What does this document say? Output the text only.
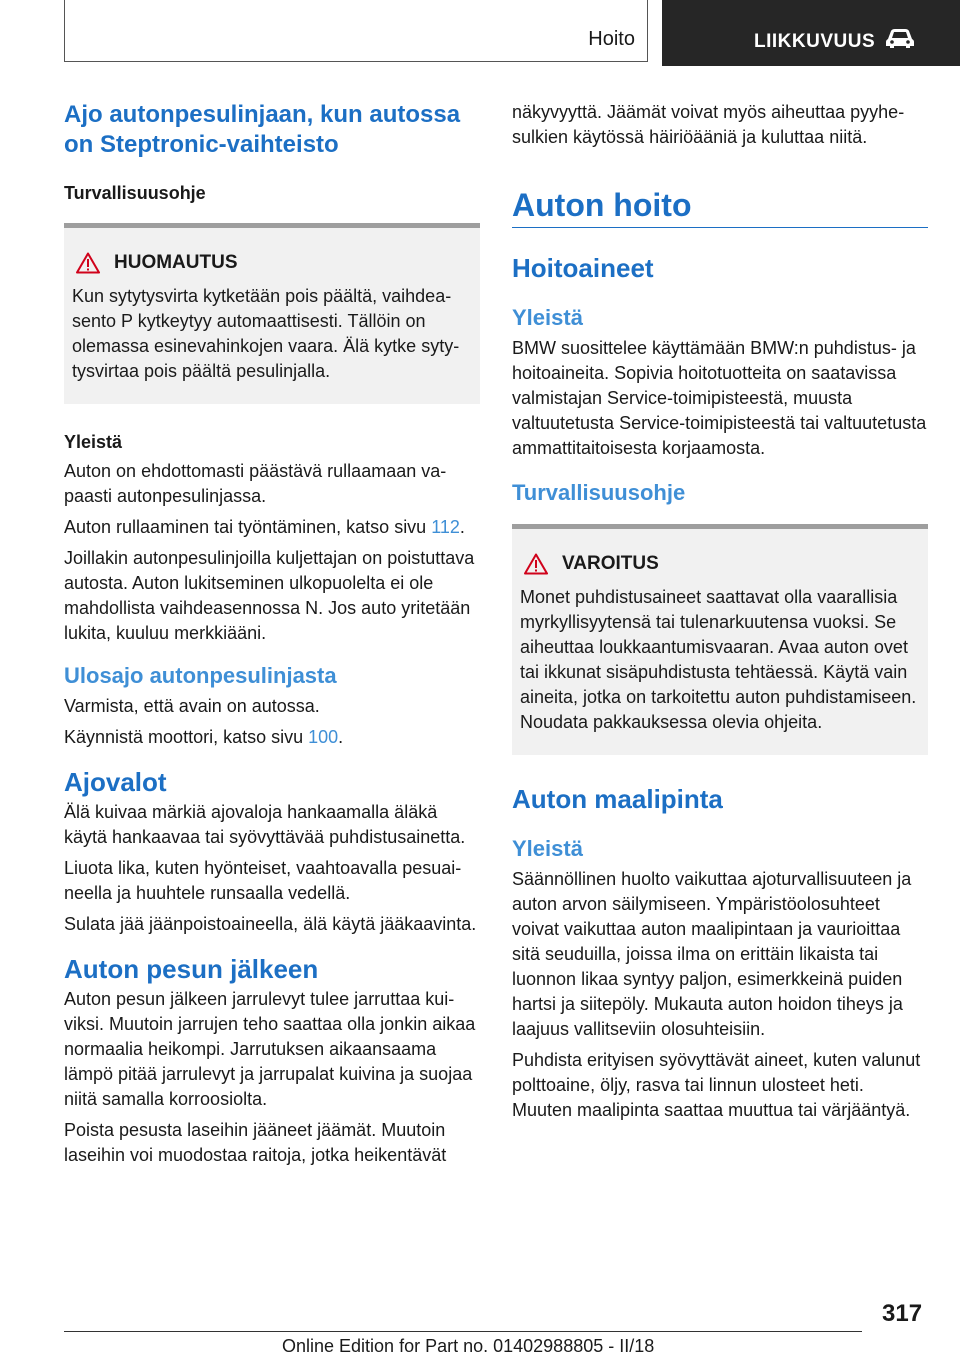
Hoito	LIIKKUVUUS
Ajo autonpesulinjaan, kun autossa on Steptronic-vaihteisto
Turvallisuusohje
HUOMAUTUS

Kun sytytysvirta kytketään pois päältä, vaihdeasento P kytkeytyy automaattisesti. Tällöin on olemassa esinevahinkojen vaara. Älä kytke sytytysvirtaa pois päältä pesulinjalla.

Yleistä

Auton on ehdottomasti päästävä rullaamaan vapaasti autonpesulinjassa.

Auton rullaaminen tai työntäminen, katso sivu 112.

Joillakin autonpesulinjoilla kuljettajan on poistuttava autosta. Auton lukitseminen ulkopuolelta ei ole mahdollista vaihdeasennossa N. Jos auto yritetään lukita, kuuluu merkkiääni.

Ulosajo autonpesulinjasta

Varmista, että avain on autossa.

Käynnistä moottori, katso sivu 100.

Ajovalot

Älä kuivaa märkiä ajovaloja hankaamalla äläkä käytä hankaavaa tai syövyttävää puhdistusainetta.

Liuota lika, kuten hyönteiset, vaahtoavalla pesuaineella ja huuhtele runsaalla vedellä.

Sulata jää jäänpoistoaineella, älä käytä jääkaavinta.

Auton pesun jälkeen

Auton pesun jälkeen jarrulevyt tulee jarruttaa kuiviksi. Muutoin jarrujen teho saattaa olla jonkin aikaa normaalia heikompi. Jarrutuksen aikaansaama lämpö pitää jarrulevyt ja jarrupalat kuivina ja suojaa niitä samalla korroosiolta.

Poista pesusta laseihin jääneet jäämät. Muutoin laseihin voi muodostaa raitoja, jotka heikentävät

näkyvyyttä. Jäämät voivat myös aiheuttaa pyyhesulkien käytössä häiriöääniä ja kuluttaa niitä.

Auton hoito
Hoitoaineet
Yleistä

BMW suosittelee käyttämään BMW:n puhdistus- ja hoitoaineita. Sopivia hoitotuotteita on saatavissa valmistajan Service-toimipisteestä, muusta valtuutetusta Service-toimipisteestä tai valtuutetusta ammattitaitoisesta korjaamosta.

Turvallisuusohje
VAROITUS

Monet puhdistusaineet saattavat olla vaarallisia myrkyllisyytensä tai tulenarkuutensa vuoksi. Se aiheuttaa loukkaantumisvaaran. Avaa auton ovet tai ikkunat sisäpuhdistusta tehtäessä. Käytä vain aineita, jotka on tarkoitettu auton puhdistamiseen. Noudata pakkauksessa olevia ohjeita.

Auton maalipinta
Yleistä

Säännöllinen huolto vaikuttaa ajoturvallisuuteen ja auton arvon säilymiseen. Ympäristöolosuhteet voivat vaikuttaa auton maalipintaan ja vaurioittaa sitä seuduilla, joissa ilma on erittäin likaista tai luonnon likaa syntyy paljon, esimerkkeinä puiden hartsi ja siitepöly. Mukauta auton hoidon tiheys ja laajuus vallitseviin olosuhteisiin.

Puhdista erityisen syövyttävät aineet, kuten valunut polttoaine, öljy, rasva tai linnun ulosteet heti. Muuten maalipinta saattaa muuttua tai värjääntyä.

317
Online Edition for Part no. 01402988805 - II/18
